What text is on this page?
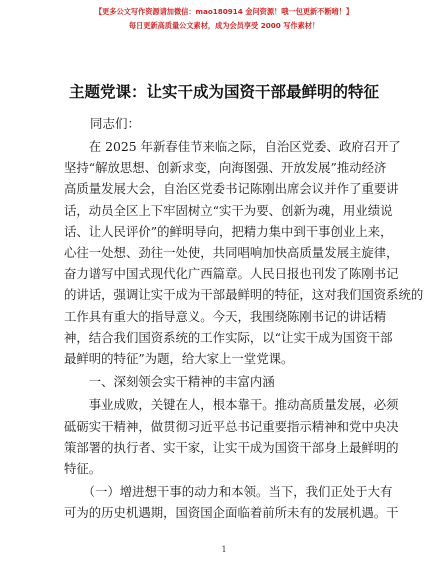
【更多公文写作资源请加微信：mao180914 金问资源！哦一包更新不断唷！】
每日更新高质量公文素材，成为会员享受 2000 写作素材！
主题党课：让实干成为国资干部最鲜明的特征
同志们：

　　在 2025 年新春佳节来临之际，自治区党委、政府召开了
坚持“解放思想、创新求变，向海图强、开放发展”推动经济
高质量发展大会，自治区党委书记陈刚出席会议并作了重要讲
话，动员全区上下牢固树立“实干为要、创新为魂，用业绩说
话、让人民评价”的鲜明导向，把精力集中到干事创业上来，
心往一处想、劲往一处使，共同唱响加快高质量发展主旋律，
奋力谱写中国式现代化广西篇章。人民日报也刊发了陈刚书记
的讲话，强调让实干成为干部最鲜明的特征，这对我们国资系统的
工作具有重大的指导意义。今天，我围绕陈刚书记的讲话精
神，结合我们国资系统的工作实际，以“让实干成为国资干部
最鲜明的特征”为题，给大家上一堂党课。

　　一、深刻领会实干精神的丰富内涵

　　事业成败，关键在人，根本靠干。推动高质量发展，必须
砥砺实干精神，做贯彻习近平总书记重要指示精神和党中央决
策部署的执行者、实干家，让实干成为国资干部身上最鲜明的
特征。

　　（一）增进想干事的动力和本领。当下，我们正处于大有
可为的历史机遇期，国资国企面临着前所未有的发展机遇。干

1
